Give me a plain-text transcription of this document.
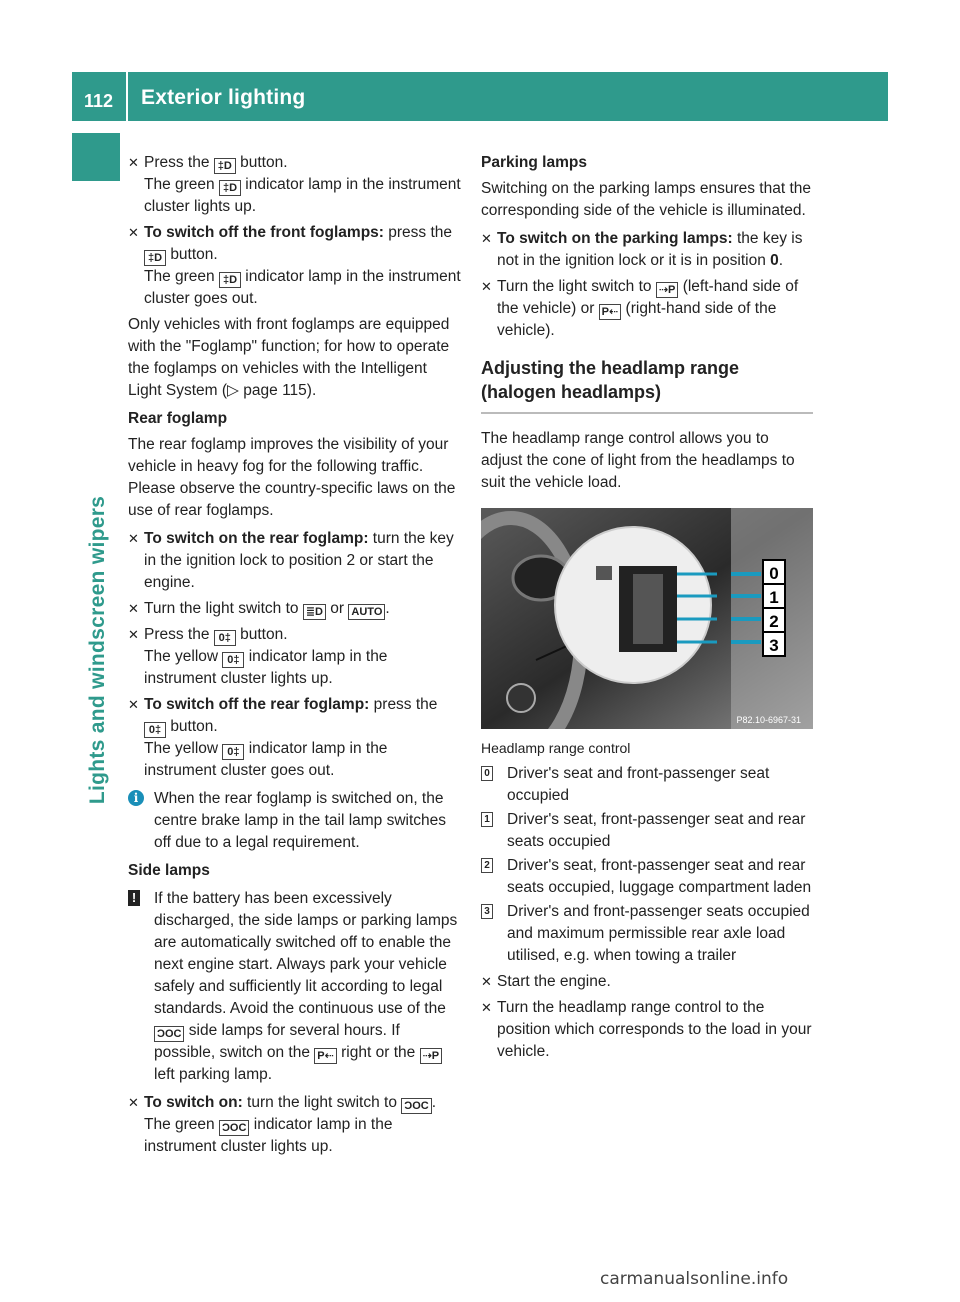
112 Exterior lighting
Lights and windscreen wipers
✕ Press the ‡D button.
The green ‡D indicator lamp in the instrument cluster lights up.
✕ To switch off the front foglamps: press the ‡D button.
The green ‡D indicator lamp in the instrument cluster goes out.

Only vehicles with front foglamps are equipped with the "Foglamp" function; for how to operate the foglamps on vehicles with the Intelligent Light System (▷ page 115).

Rear foglamp

The rear foglamp improves the visibility of your vehicle in heavy fog for the following traffic. Please observe the country-specific laws on the use of rear foglamps.

✕ To switch on the rear foglamp: turn the key in the ignition lock to position 2 or start the engine.
✕ Turn the light switch to ≣D or AUTO .
✕ Press the 0‡ button.
The yellow 0‡ indicator lamp in the instrument cluster lights up.
✕ To switch off the rear foglamp: press the
0‡ button.
The yellow 0‡ indicator lamp in the instrument cluster goes out.
i	When the rear foglamp is switched on, the centre brake lamp in the tail lamp switches off due to a legal requirement.
Side lamps
! If the battery has been excessively discharged, the side lamps or parking lamps are automatically switched off to enable the next engine start. Always park your vehicle safely and sufficiently lit according to legal standards. Avoid the continuous use of the ƆOC side lamps for several hours. If possible, switch on the P⇠ right or the ⇢P left parking lamp.
✕ To switch on: turn the light switch to ƆOC .
The green ƆOC indicator lamp in the instrument cluster lights up.
Parking lamps

Switching on the parking lamps ensures that the corresponding side of the vehicle is illuminated.

✕ To switch on the parking lamps: the key is not in the ignition lock or it is in position 0.
✕ Turn the light switch to ⇢P (left-hand side of the vehicle) or P⇠ (right-hand side of the vehicle).
Adjusting the headlamp range (halogen headlamps)

The headlamp range control allows you to adjust the cone of light from the headlamps to suit the vehicle load.

0
1
2
3
P82.10-6967-31
Headlamp range control
0 Driver's seat and front-passenger seat occupied
1 Driver's seat, front-passenger seat and rear seats occupied
2 Driver's seat, front-passenger seat and rear seats occupied, luggage compartment laden
3 Driver's and front-passenger seats occupied and maximum permissible rear axle load utilised, e.g. when towing a trailer
✕ Start the engine.
✕ Turn the headlamp range control to the position which corresponds to the load in your vehicle.
carmanualsonline.info
